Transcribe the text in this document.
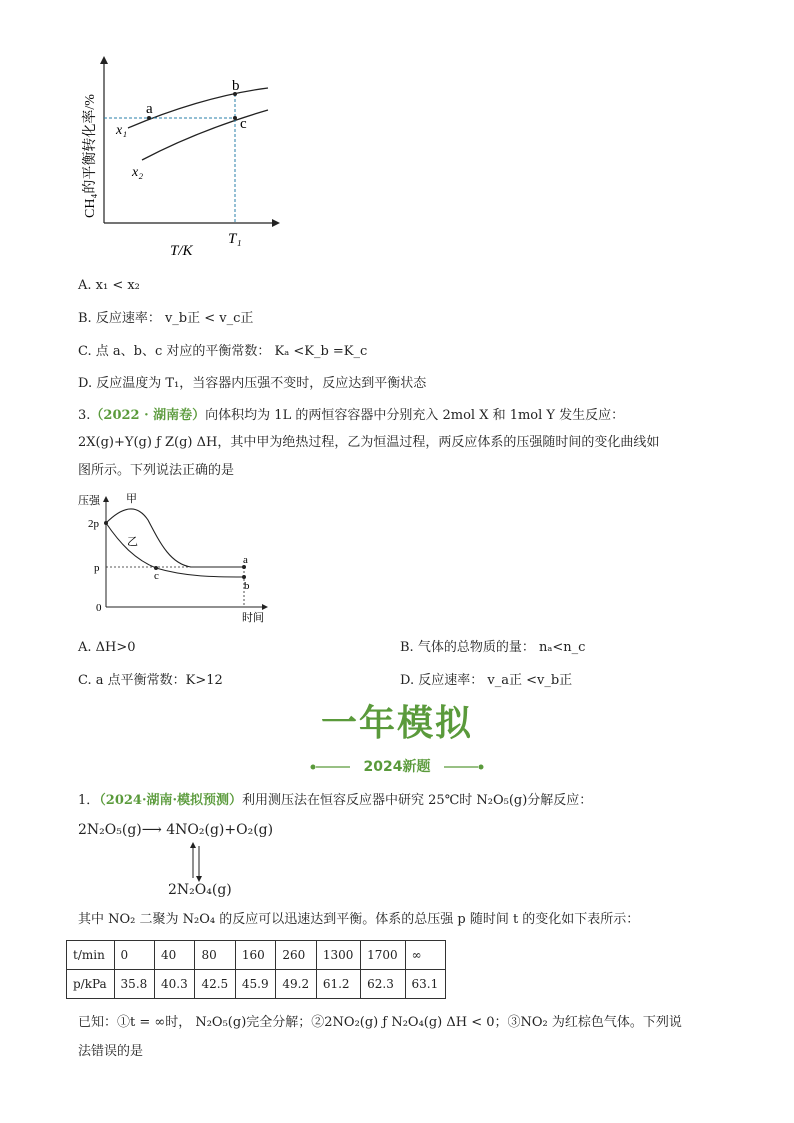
a
b
c
x₁
x₂
T₁
T/K
CH₄的平衡转化率/%
A. x₁ < x₂
B. 反应速率： v_b正 < v_c正
C. 点 a、b、c 对应的平衡常数： Kₐ <K_b =K_c
D. 反应温度为 T₁，当容器内压强不变时，反应达到平衡状态
3.（2022 · 湖南卷）向体积均为 1L 的两恒容容器中分别充入 2mol X 和 1mol Y 发生反应：
2X(g)+Y(g) ƒ Z(g) ΔH，其中甲为绝热过程，乙为恒温过程，两反应体系的压强随时间的变化曲线如
图所示。下列说法正确的是
压强
2p
p
0
甲
乙
a
b
c
时间
A. ΔH>0	B. 气体的总物质的量： nₐ<n_c
C. a 点平衡常数：K>12	D. 反应速率： v_a正 <v_b正
一年模拟
2024新题
1．（2024·湖南·模拟预测）利用测压法在恒容反应器中研究 25℃时 N₂O₅(g)分解反应：
2N₂O₅(g)⟶ 4NO₂(g)+O₂(g)
2N₂O₄(g)
其中 NO₂ 二聚为 N₂O₄ 的反应可以迅速达到平衡。体系的总压强 p 随时间 t 的变化如下表所示：
t/min	0	40	80	160	260	1300	1700	∞
p/kPa	35.8	40.3	42.5	45.9	49.2	61.2	62.3	63.1
已知：①t = ∞时， N₂O₅(g)完全分解；②2NO₂(g) ƒ N₂O₄(g) ΔH < 0；③NO₂ 为红棕色气体。下列说
法错误的是
